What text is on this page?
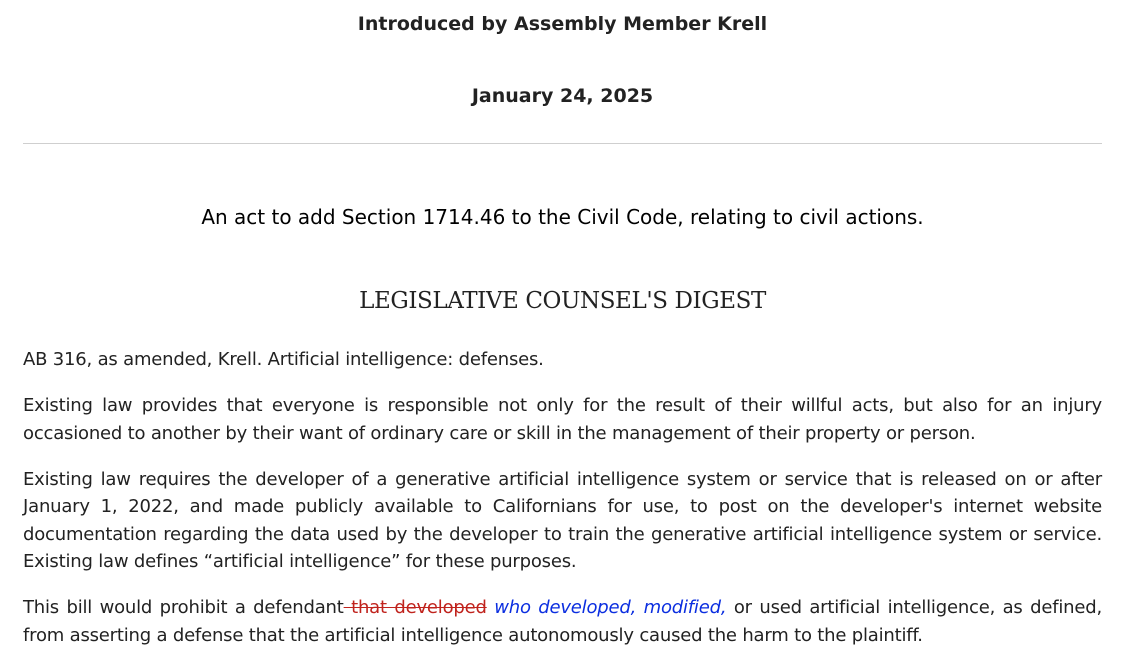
Introduced by Assembly Member Krell
January 24, 2025
An act to add Section 1714.46 to the Civil Code, relating to civil actions.
LEGISLATIVE COUNSEL'S DIGEST

AB 316, as amended, Krell. Artificial intelligence: defenses.

Existing law provides that everyone is responsible not only for the result of their willful acts, but also for an injury occasioned to another by their want of ordinary care or skill in the management of their property or person.

Existing law requires the developer of a generative artificial intelligence system or service that is released on or after January 1, 2022, and made publicly available to Californians for use, to post on the developer's internet website documentation regarding the data used by the developer to train the generative artificial intelligence system or service. Existing law defines “artificial intelligence” for these purposes.

This bill would prohibit a defendant that developed who developed, modified, or used artificial intelligence, as defined, from asserting a defense that the artificial intelligence autonomously caused the harm to the plaintiff.
